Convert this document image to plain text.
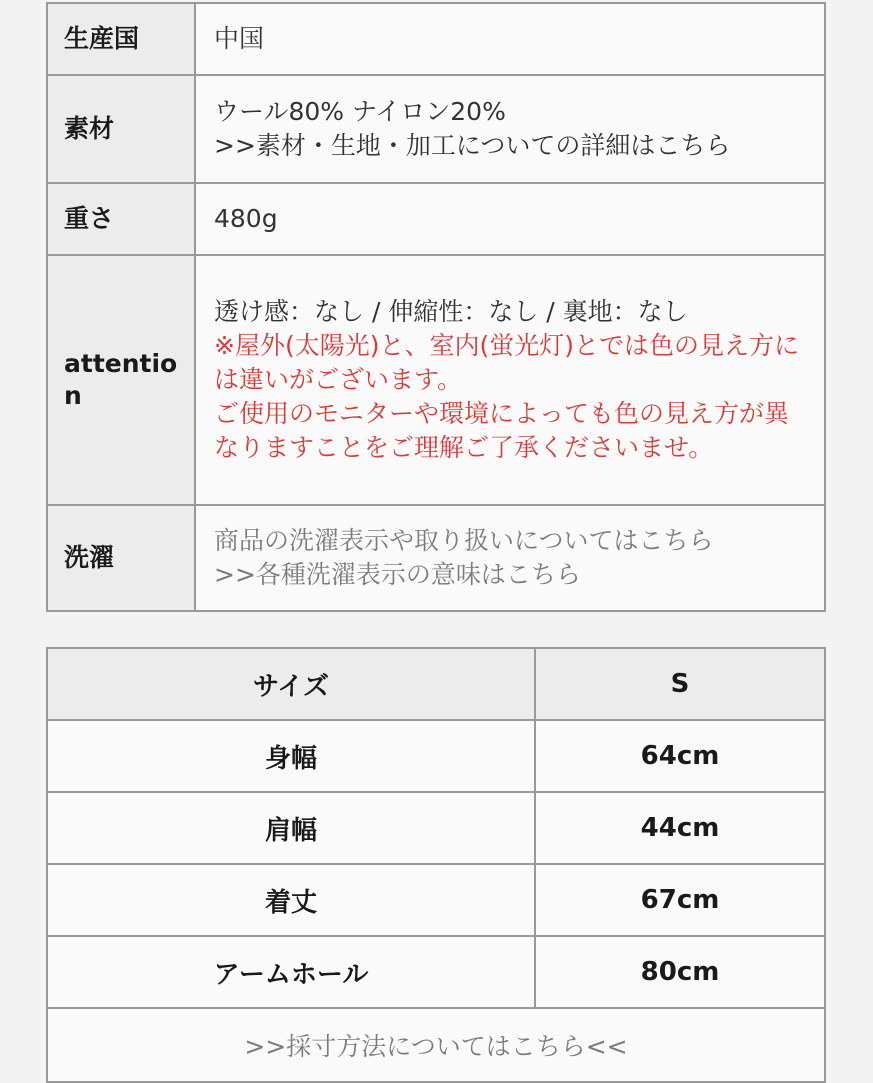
生産国	中国
素材	ウール80% ナイロン20%
>>素材・生地・加工についての詳細はこちら

重さ	480g
attention	透け感：なし / 伸縮性：なし / 裏地：なし
※屋外(太陽光)と、室内(蛍光灯)とでは色の見え方には違いがございます。
ご使用のモニターや環境によっても色の見え方が異なりますことをご理解ご了承くださいませ。

洗濯	商品の洗濯表示や取り扱いについてはこちら
>>各種洗濯表示の意味はこちら
サイズ	S
身幅	64cm
肩幅	44cm
着丈	67cm
アームホール	80cm
>>採寸方法についてはこちら<<	
